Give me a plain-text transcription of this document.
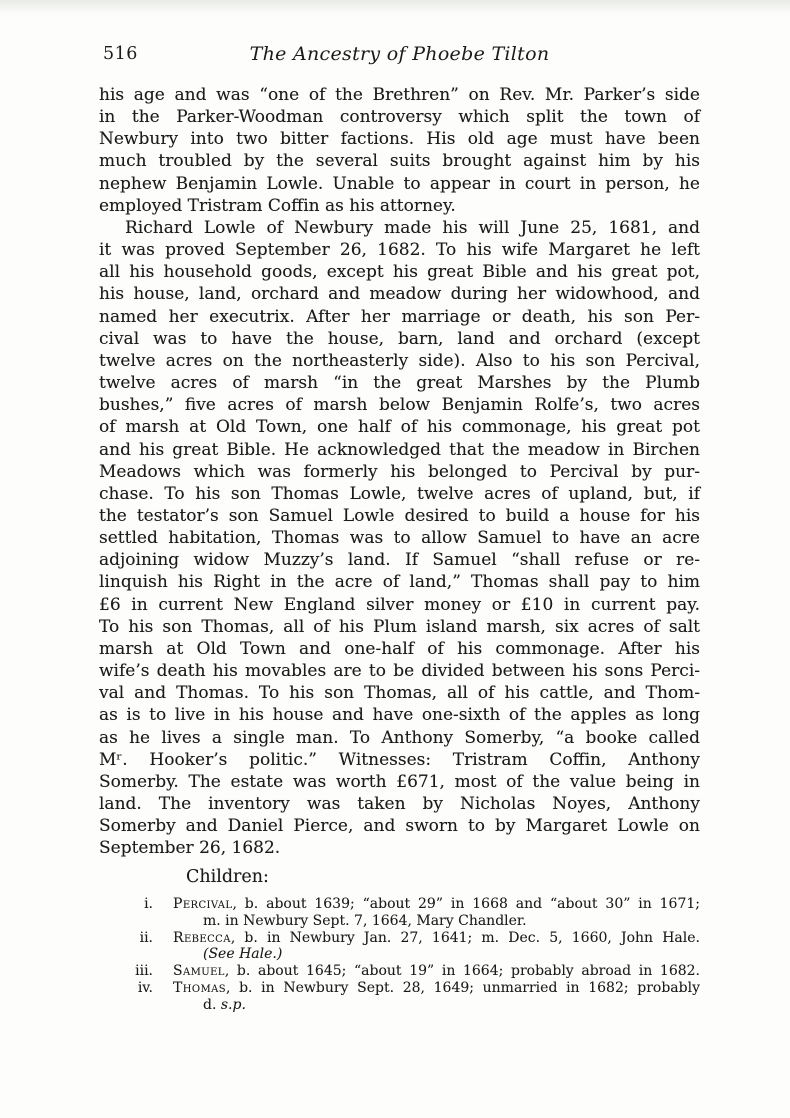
516	The Ancestry of Phoebe Tilton
his age and was “one of the Brethren” on Rev. Mr. Parker’s side
in the Parker-Woodman controversy which split the town of
Newbury into two bitter factions. His old age must have been
much troubled by the several suits brought against him by his
nephew Benjamin Lowle. Unable to appear in court in person, he
employed Tristram Coffin as his attorney.
Richard Lowle of Newbury made his will June 25, 1681, and
it was proved September 26, 1682. To his wife Margaret he left
all his household goods, except his great Bible and his great pot,
his house, land, orchard and meadow during her widowhood, and
named her executrix. After her marriage or death, his son Per-
cival was to have the house, barn, land and orchard (except
twelve acres on the northeasterly side). Also to his son Percival,
twelve acres of marsh “in the great Marshes by the Plumb
bushes,” five acres of marsh below Benjamin Rolfe’s, two acres
of marsh at Old Town, one half of his commonage, his great pot
and his great Bible. He acknowledged that the meadow in Birchen
Meadows which was formerly his belonged to Percival by pur-
chase. To his son Thomas Lowle, twelve acres of upland, but, if
the testator’s son Samuel Lowle desired to build a house for his
settled habitation, Thomas was to allow Samuel to have an acre
adjoining widow Muzzy’s land. If Samuel “shall refuse or re-
linquish his Right in the acre of land,” Thomas shall pay to him
£6 in current New England silver money or £10 in current pay.
To his son Thomas, all of his Plum island marsh, six acres of salt
marsh at Old Town and one-half of his commonage. After his
wife’s death his movables are to be divided between his sons Perci-
val and Thomas. To his son Thomas, all of his cattle, and Thom-
as is to live in his house and have one-sixth of the apples as long
as he lives a single man. To Anthony Somerby, “a booke called
Mʳ. Hooker’s politic.” Witnesses: Tristram Coffin, Anthony
Somerby. The estate was worth £671, most of the value being in
land. The inventory was taken by Nicholas Noyes, Anthony
Somerby and Daniel Pierce, and sworn to by Margaret Lowle on
September 26, 1682.
Children:
i. Percival, b. about 1639; “about 29” in 1668 and “about 30” in 1671;
m. in Newbury Sept. 7, 1664, Mary Chandler.
ii. Rebecca, b. in Newbury Jan. 27, 1641; m. Dec. 5, 1660, John Hale.
(See Hale.)
iii. Samuel, b. about 1645; “about 19” in 1664; probably abroad in 1682.
iv. Thomas, b. in Newbury Sept. 28, 1649; unmarried in 1682; probably
d. s.p.
